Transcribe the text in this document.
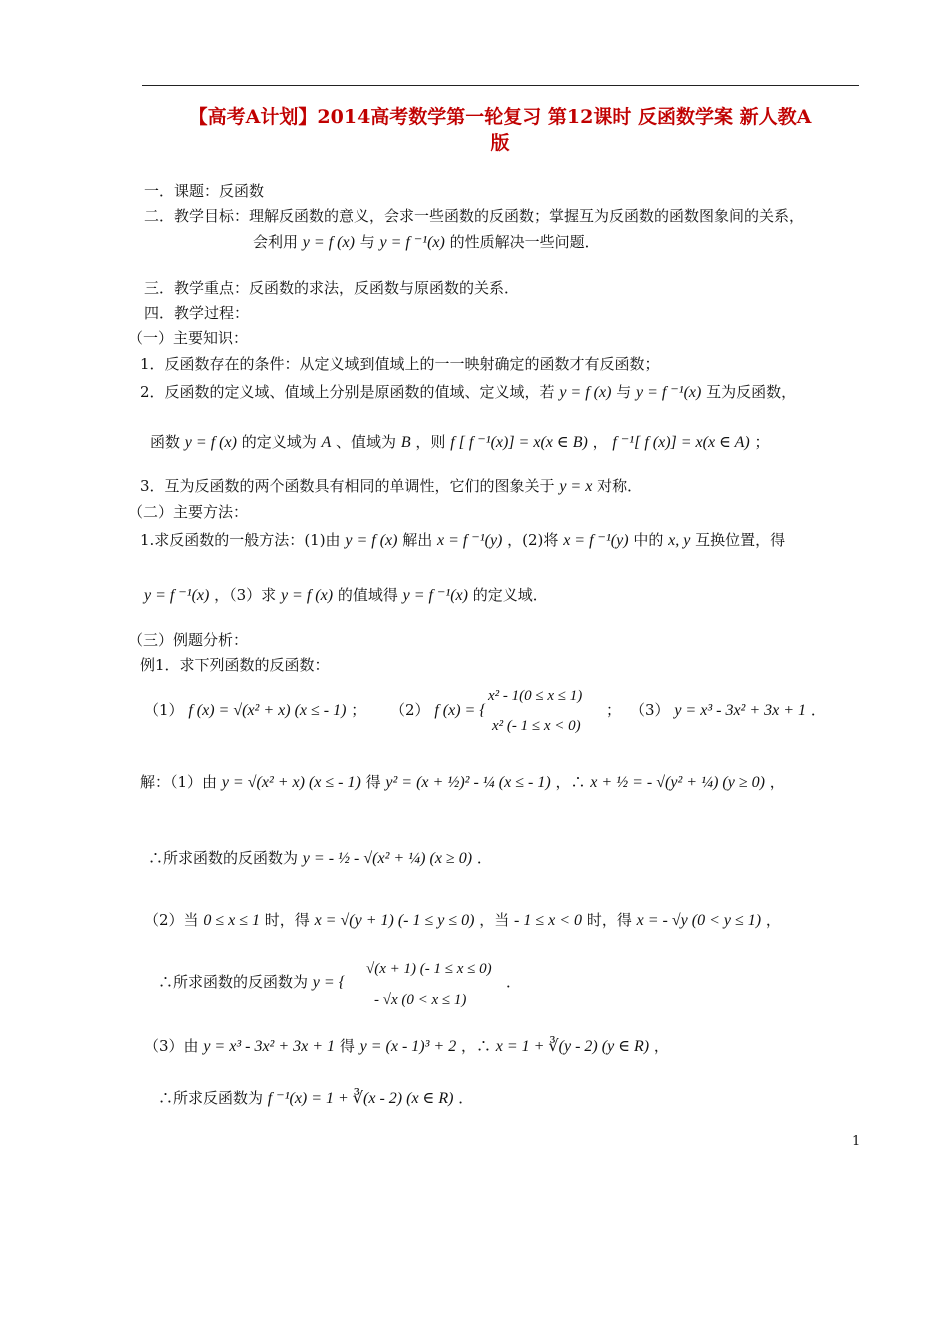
【高考A计划】2014高考数学第一轮复习 第12课时 反函数学案 新人教A
版
一．课题：反函数
二．教学目标：理解反函数的意义，会求一些函数的反函数；掌握互为反函数的函数图象间的关系，
会利用 y = f (x) 与 y = f ⁻¹(x) 的性质解决一些问题．
三．教学重点：反函数的求法，反函数与原函数的关系．
四．教学过程：
（一）主要知识：
1．反函数存在的条件：从定义域到值域上的一一映射确定的函数才有反函数；
2．反函数的定义域、值域上分别是原函数的值域、定义域，若 y = f (x) 与 y = f ⁻¹(x) 互为反函数，
函数 y = f (x) 的定义域为 A 、值域为 B ，则 f [ f ⁻¹(x)] = x(x ∈ B) ， f ⁻¹[ f (x)] = x(x ∈ A) ；
3．互为反函数的两个函数具有相同的单调性，它们的图象关于 y = x 对称．
（二）主要方法：
1.求反函数的一般方法：(1)由 y = f (x) 解出 x = f ⁻¹(y) ，(2)将 x = f ⁻¹(y) 中的 x, y 互换位置，得
y = f ⁻¹(x) ，（3）求 y = f (x) 的值域得 y = f ⁻¹(x) 的定义域．
（三）例题分析：
例1．求下列函数的反函数：
（1） f (x) = √(x² + x) (x ≤ - 1) ； （2） f (x) = {
x² - 1(0 ≤ x ≤ 1)
x² (- 1 ≤ x < 0)
； （3） y = x³ - 3x² + 3x + 1 ．
解：（1）由 y = √(x² + x) (x ≤ - 1) 得 y² = (x + ½)² - ¼ (x ≤ - 1) ，∴ x + ½ = - √(y² + ¼) (y ≥ 0) ，
∴所求函数的反函数为 y = - ½ - √(x² + ¼) (x ≥ 0) ．
（2）当 0 ≤ x ≤ 1 时，得 x = √(y + 1) (- 1 ≤ y ≤ 0) ，当 - 1 ≤ x < 0 时，得 x = - √y (0 < y ≤ 1) ，
∴所求函数的反函数为 y = {
√(x + 1) (- 1 ≤ x ≤ 0)
- √x (0 < x ≤ 1)
．
（3）由 y = x³ - 3x² + 3x + 1 得 y = (x - 1)³ + 2 ，∴ x = 1 + ∛(y - 2) (y ∈ R) ，
∴所求反函数为 f ⁻¹(x) = 1 + ∛(x - 2) (x ∈ R) ．
1
